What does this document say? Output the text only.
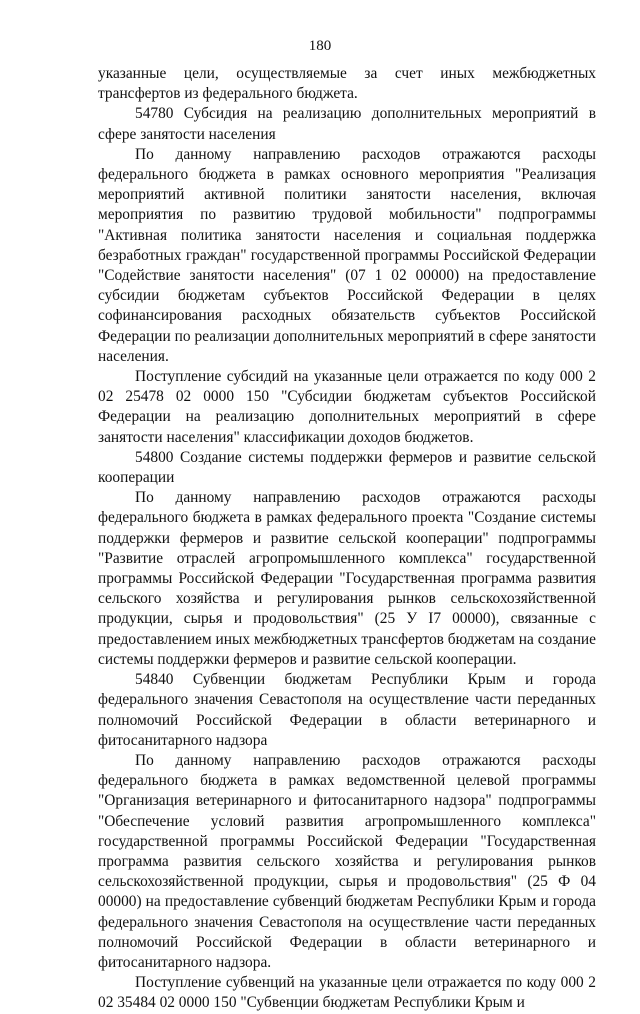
180

указанные цели, осуществляемые за счет иных межбюджетных трансфертов из федерального бюджета.

54780 Субсидия на реализацию дополнительных мероприятий в сфере занятости населения

По данному направлению расходов отражаются расходы федерального бюджета в рамках основного мероприятия "Реализация мероприятий активной политики занятости населения, включая мероприятия по развитию трудовой мобильности" подпрограммы "Активная политика занятости населения и социальная поддержка безработных граждан" государственной программы Российской Федерации "Содействие занятости населения" (07 1 02 00000) на предоставление субсидии бюджетам субъектов Российской Федерации в целях софинансирования расходных обязательств субъектов Российской Федерации по реализации дополнительных мероприятий в сфере занятости населения.

Поступление субсидий на указанные цели отражается по коду 000 2 02 25478 02 0000 150 "Субсидии бюджетам субъектов Российской Федерации на реализацию дополнительных мероприятий в сфере занятости населения" классификации доходов бюджетов.

54800 Создание системы поддержки фермеров и развитие сельской кооперации

По данному направлению расходов отражаются расходы федерального бюджета в рамках федерального проекта "Создание системы поддержки фермеров и развитие сельской кооперации" подпрограммы "Развитие отраслей агропромышленного комплекса" государственной программы Российской Федерации "Государственная программа развития сельского хозяйства и регулирования рынков сельскохозяйственной продукции, сырья и продовольствия" (25 У I7 00000), связанные с предоставлением иных межбюджетных трансфертов бюджетам на создание системы поддержки фермеров и развитие сельской кооперации.

54840 Субвенции бюджетам Республики Крым и города федерального значения Севастополя на осуществление части переданных полномочий Российской Федерации в области ветеринарного и фитосанитарного надзора

По данному направлению расходов отражаются расходы федерального бюджета в рамках ведомственной целевой программы "Организация ветеринарного и фитосанитарного надзора" подпрограммы "Обеспечение условий развития агропромышленного комплекса" государственной программы Российской Федерации "Государственная программа развития сельского хозяйства и регулирования рынков сельскохозяйственной продукции, сырья и продовольствия" (25 Ф 04 00000) на предоставление субвенций бюджетам Республики Крым и города федерального значения Севастополя на осуществление части переданных полномочий Российской Федерации в области ветеринарного и фитосанитарного надзора.

Поступление субвенций на указанные цели отражается по коду 000 2 02 35484 02 0000 150 "Субвенции бюджетам Республики Крым и
